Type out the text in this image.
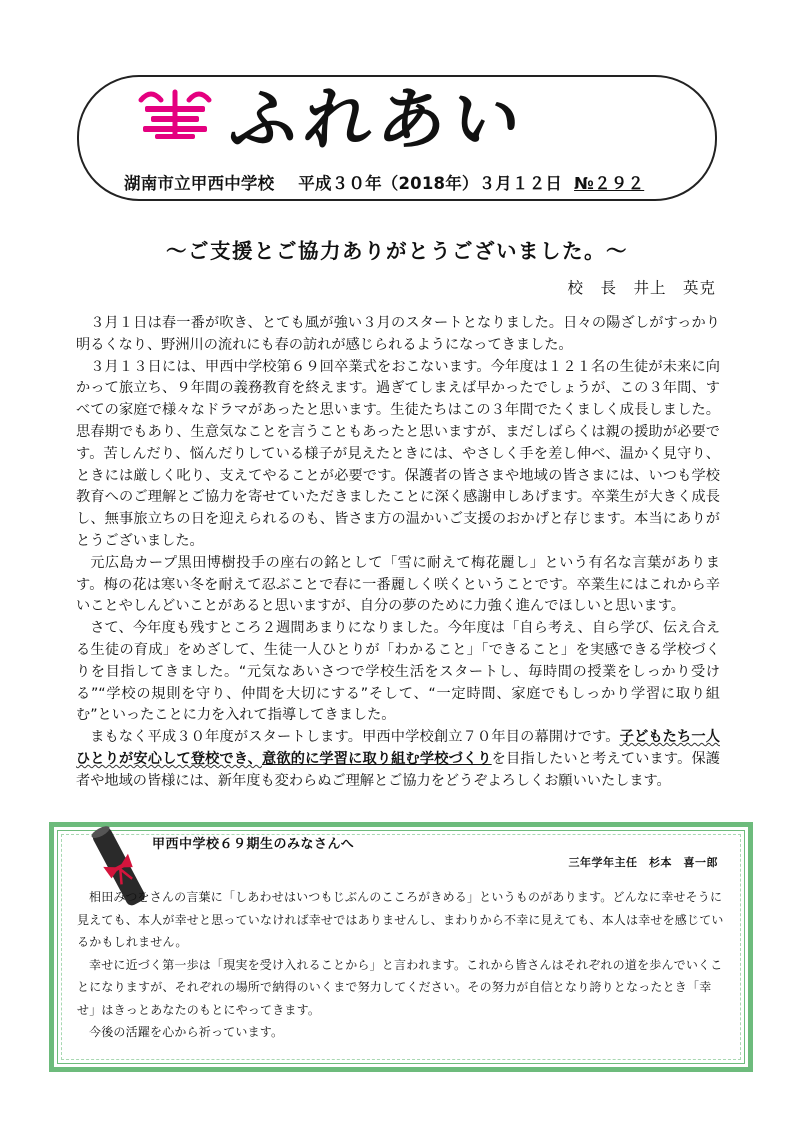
ふれあい
湖南市立甲西中学校 平成３０年（2018年）３月１２日 №２９２
～ご支援とご協力ありがとうございました。～
校　長　井上　英克

３月１日は春一番が吹き、とても風が強い３月のスタートとなりました。日々の陽ざしがすっかり明るくなり、野洲川の流れにも春の訪れが感じられるようになってきました。

３月１３日には、甲西中学校第６９回卒業式をおこないます。今年度は１２１名の生徒が未来に向かって旅立ち、９年間の義務教育を終えます。過ぎてしまえば早かったでしょうが、この３年間、すべての家庭で様々なドラマがあったと思います。生徒たちはこの３年間でたくましく成長しました。思春期でもあり、生意気なことを言うこともあったと思いますが、まだしばらくは親の援助が必要です。苦しんだり、悩んだりしている様子が見えたときには、やさしく手を差し伸べ、温かく見守り、ときには厳しく叱り、支えてやることが必要です。保護者の皆さまや地域の皆さまには、いつも学校教育へのご理解とご協力を寄せていただきましたことに深く感謝申しあげます。卒業生が大きく成長し、無事旅立ちの日を迎えられるのも、皆さま方の温かいご支援のおかげと存じます。本当にありがとうございました。

元広島カープ黒田博樹投手の座右の銘として「雪に耐えて梅花麗し」という有名な言葉があります。梅の花は寒い冬を耐えて忍ぶことで春に一番麗しく咲くということです。卒業生にはこれから辛いことやしんどいことがあると思いますが、自分の夢のために力強く進んでほしいと思います。

さて、今年度も残すところ２週間あまりになりました。今年度は「自ら考え、自ら学び、伝え合える生徒の育成」をめざして、生徒一人ひとりが「わかること」「できること」を実感できる学校づくりを目指してきました。“元気なあいさつで学校生活をスタートし、毎時間の授業をしっかり受ける”“学校の規則を守り、仲間を大切にする”そして、“一定時間、家庭でもしっかり学習に取り組む”といったことに力を入れて指導してきました。

まもなく平成３０年度がスタートします。甲西中学校創立７０年目の幕開けです。子どもたち一人ひとりが安心して登校でき、意欲的に学習に取り組む学校づくりを目指したいと考えています。保護者や地域の皆様には、新年度も変わらぬご理解とご協力をどうぞよろしくお願いいたします。

甲西中学校６９期生のみなさんへ
三年学年主任　杉本　喜一郎

相田みつをさんの言葉に「しあわせはいつもじぶんのこころがきめる」というものがあります。どんなに幸せそうに見えても、本人が幸せと思っていなければ幸せではありませんし、まわりから不幸に見えても、本人は幸せを感じているかもしれません。

幸せに近づく第一歩は「現実を受け入れることから」と言われます。これから皆さんはそれぞれの道を歩んでいくことになりますが、それぞれの場所で納得のいくまで努力してください。その努力が自信となり誇りとなったとき「幸せ」はきっとあなたのもとにやってきます。

今後の活躍を心から祈っています。
